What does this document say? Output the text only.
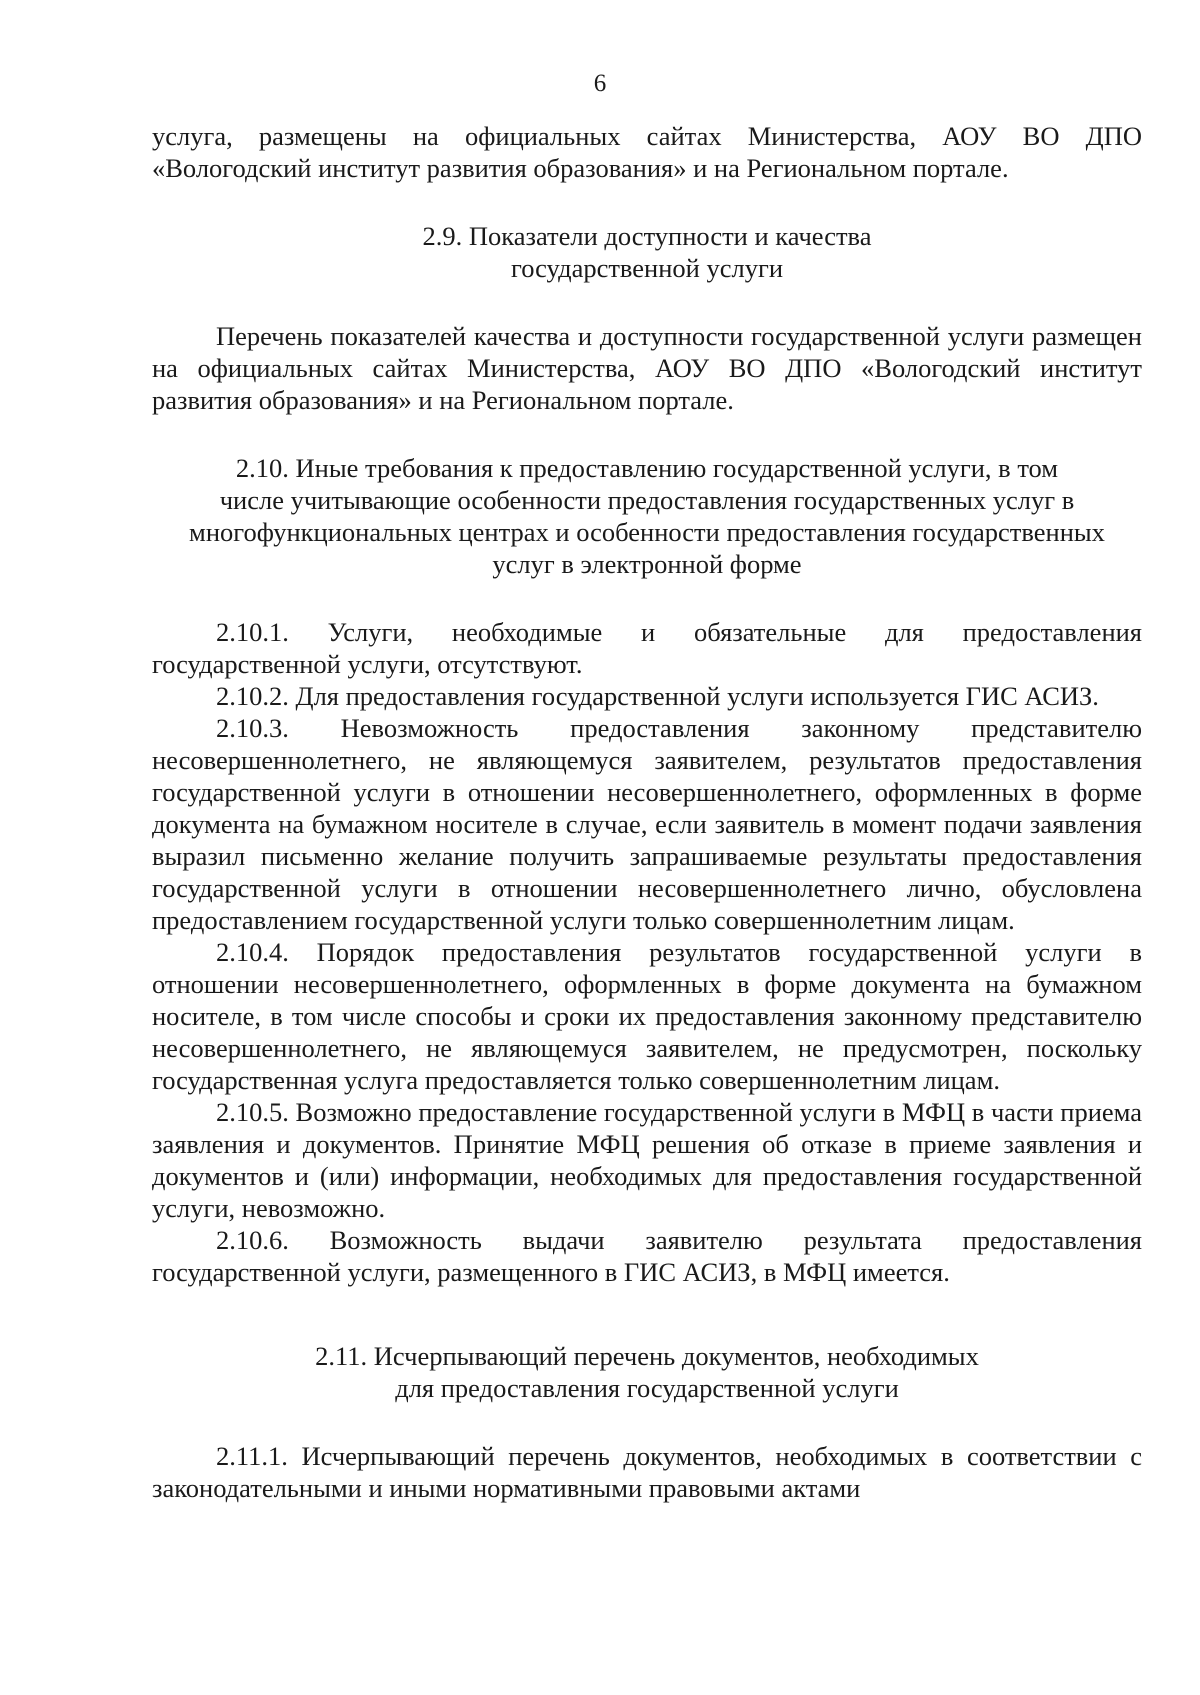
6

услуга, размещены на официальных сайтах Министерства, АОУ ВО ДПО «Вологодский институт развития образования» и на Региональном портале.

2.9. Показатели доступности и качества

государственной услуги

Перечень показателей качества и доступности государственной услуги размещен на официальных сайтах Министерства, АОУ ВО ДПО «Вологодский институт развития образования» и на Региональном портале.

2.10. Иные требования к предоставлению государственной услуги, в том

числе учитывающие особенности предоставления государственных услуг в

многофункциональных центрах и особенности предоставления государственных

услуг в электронной форме

2.10.1. Услуги, необходимые и обязательные для предоставления государственной услуги, отсутствуют.

2.10.2. Для предоставления государственной услуги используется ГИС АСИЗ.

2.10.3. Невозможность предоставления законному представителю несовершеннолетнего, не являющемуся заявителем, результатов предоставления государственной услуги в отношении несовершеннолетнего, оформленных в форме документа на бумажном носителе в случае, если заявитель в момент подачи заявления выразил письменно желание получить запрашиваемые результаты предоставления государственной услуги в отношении несовершеннолетнего лично, обусловлена предоставлением государственной услуги только совершеннолетним лицам.

2.10.4. Порядок предоставления результатов государственной услуги в отношении несовершеннолетнего, оформленных в форме документа на бумажном носителе, в том числе способы и сроки их предоставления законному представителю несовершеннолетнего, не являющемуся заявителем, не предусмотрен, поскольку государственная услуга предоставляется только совершеннолетним лицам.

2.10.5. Возможно предоставление государственной услуги в МФЦ в части приема заявления и документов. Принятие МФЦ решения об отказе в приеме заявления и документов и (или) информации, необходимых для предоставления государственной услуги, невозможно.

2.10.6. Возможность выдачи заявителю результата предоставления государственной услуги, размещенного в ГИС АСИЗ, в МФЦ имеется.

2.11. Исчерпывающий перечень документов, необходимых

для предоставления государственной услуги

2.11.1. Исчерпывающий перечень документов, необходимых в соответствии с законодательными и иными нормативными правовыми актами
